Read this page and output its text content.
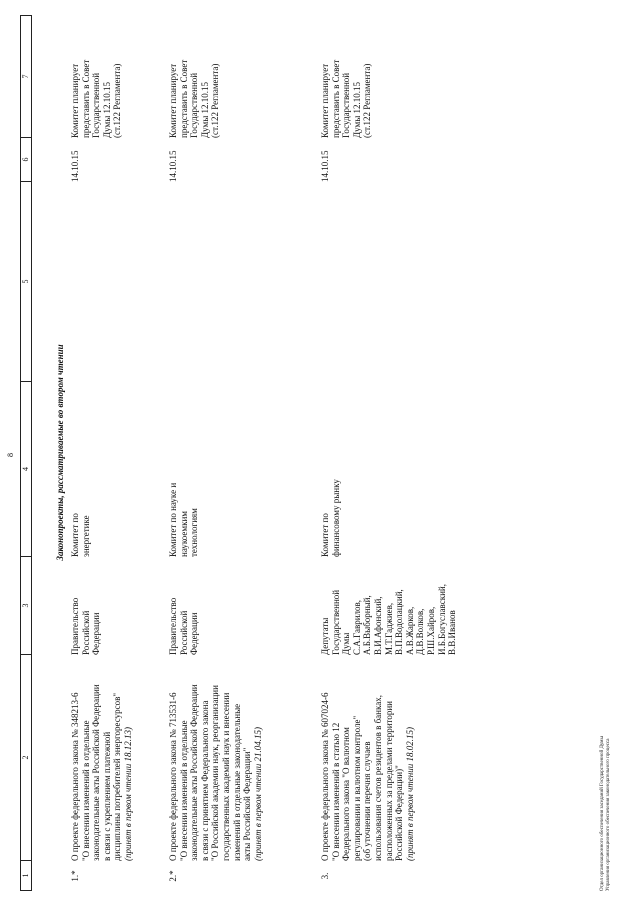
8
1
2
3
4
5
6
7
Законопроекты, рассматриваемые во втором чтении
1.*
О проекте федерального закона № 348213-6 "О внесении изменений в отдельные законодательные акты Российской Федерации в связи с укреплением платежной дисциплины потребителей энергоресурсов" (принят в первом чтении 18.12.13)
Правительство Российской Федерации
Комитет по энергетике
14.10.15
Комитет планирует представить в Совет Государственной Думы 12.10.15 (ст.122 Регламента)
2.*
О проекте федерального закона № 713531-6 "О внесении изменений в отдельные законодательные акты Российской Федерации в связи с принятием Федерального закона "О Российской академии наук, реорганизации государственных академий наук и внесении изменений в отдельные законодательные акты Российской Федерации" (принят в первом чтении 21.04.15)
Правительство Российской Федерации
Комитет по науке и наукоемким технологиям
14.10.15
Комитет планирует представить в Совет Государственной Думы 12.10.15 (ст.122 Регламента)
3.
О проекте федерального закона № 607024-6 "О внесении изменений в статью 12 Федерального закона "О валютном регулировании и валютном контроле" (об уточнении перечня случаев использования счетов резидентов в банках, расположенных за пределами территории Российской Федерации)" (принят в первом чтении 18.02.15)
Депутаты Государственной Думы С.А.Гаврилов, А.Б.Выборный, В.И.Афонский, М.Т.Гаджиев, В.П.Водолацкий, А.В.Жарков, Д.В.Волков, Р.Ш.Хайров, И.Б.Богуславский, В.В.Иванов
Комитет по финансовому рынку
14.10.15
Комитет планирует представить в Совет Государственной Думы 12.10.15 (ст.122 Регламента)
Отдел организационного обеспечения заседаний Государственной Думы Управления организационного обеспечения законодательного процесса
